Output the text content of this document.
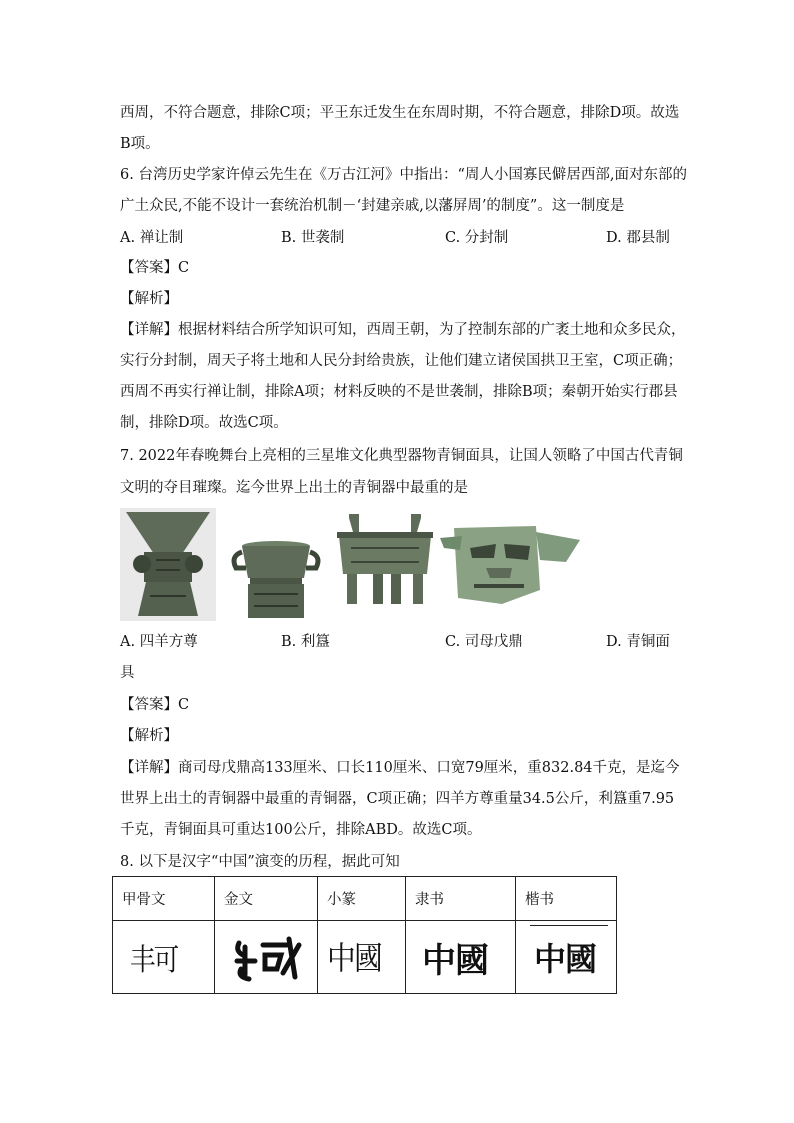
西周，不符合题意，排除C项；平王东迁发生在东周时期，不符合题意，排除D项。故选
B项。
6. 台湾历史学家许倬云先生在《万古江河》中指出：“周人小国寡民僻居西部,面对东部的
广土众民,不能不设计一套统治机制－‘封建亲戚,以藩屏周’的制度”。这一制度是
A. 禅让制	B. 世袭制	C. 分封制	D. 郡县制
【答案】C
【解析】
【详解】根据材料结合所学知识可知，西周王朝，为了控制东部的广袤土地和众多民众，
实行分封制，周天子将土地和人民分封给贵族，让他们建立诸侯国拱卫王室，C项正确；
西周不再实行禅让制，排除A项；材料反映的不是世袭制，排除B项；秦朝开始实行郡县
制，排除D项。故选C项。
7. 2022年春晚舞台上亮相的三星堆文化典型器物青铜面具，让国人领略了中国古代青铜
文明的夺目璀璨。迄今世界上出土的青铜器中最重的是
A. 四羊方尊	B. 利簋	C. 司母戊鼎	D. 青铜面
具
【答案】C
【解析】
【详解】商司母戊鼎高133厘米、口长110厘米、口宽79厘米，重832.84千克，是迄今
世界上出土的青铜器中最重的青铜器，C项正确；四羊方尊重量34.5公斤，利簋重7.95
千克，青铜面具可重达100公斤，排除ABD。故选C项。
8. 以下是汉字“中国”演变的历程，据此可知
甲骨文	金文	小篆	隶书	楷书

丰可		中國	中國	中國
